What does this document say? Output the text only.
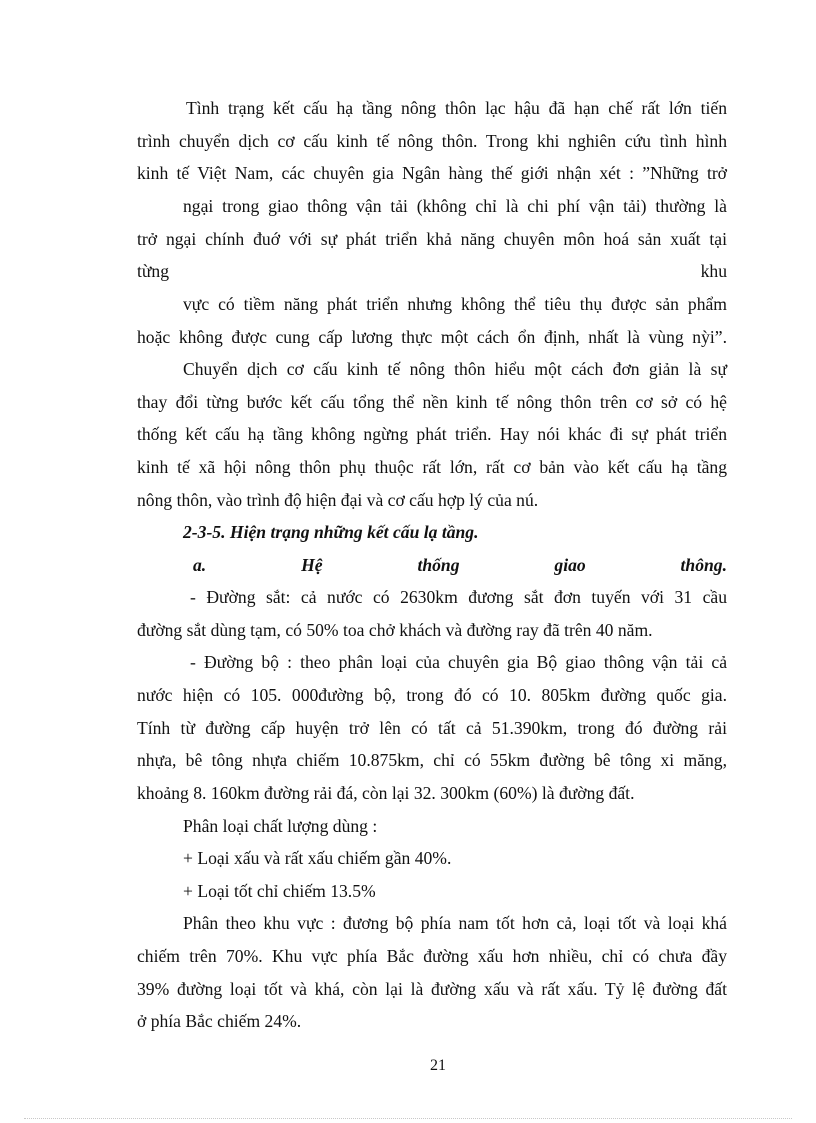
Tình trạng kết cấu hạ tầng nông thôn lạc hậu đã hạn chế rất lớn tiến
trình chuyển dịch cơ cấu kinh tế nông thôn. Trong khi nghiên cứu tình hình
kinh tế Việt Nam, các chuyên gia Ngân hàng thế giới nhận xét : ”Những trở
ngại trong giao thông vận tải (không chỉ là chi phí vận tải) thường là
trở ngại chính đuớ với sự phát triển khả năng chuyên môn hoá sản xuất tại
từng	khu
vực có tiềm năng phát triển nhưng không thể tiêu thụ được sản phẩm
hoặc không được cung cấp lương thực một cách ổn định, nhất là vùng nỳi”.
Chuyển dịch cơ cấu kinh tế nông thôn hiểu một cách đơn giản là sự
thay đổi từng bước kết cấu tổng thể nền kinh tế nông thôn trên cơ sở có hệ
thống kết cấu hạ tầng không ngừng phát triển. Hay nói khác đi sự phát triển
kinh tế xã hội nông thôn phụ thuộc rất lớn, rất cơ bản vào kết cấu hạ tầng
nông thôn, vào trình độ hiện đại và cơ cấu hợp lý của nú.
2-3-5. Hiện trạng những kết cấu lạ tầng.
a.	Hệ	thống	giao	thông.
- Đường sắt: cả nước có 2630km đương sắt đơn tuyến với 31 cầu
đường sắt dùng tạm, có 50% toa chở khách và đường ray đã trên 40 năm.
- Đường bộ : theo phân loại của chuyên gia Bộ giao thông vận tải cả
nước hiện có 105. 000đường bộ, trong đó có 10. 805km đường quốc gia.
Tính từ đường cấp huyện trở lên có tất cả 51.390km, trong đó đường rải
nhựa, bê tông nhựa chiếm 10.875km, chỉ có 55km đường bê tông xi măng,
khoảng 8. 160km đường rải đá, còn lại 32. 300km (60%) là đường đất.
Phân loại chất lượng dùng :
+ Loại xấu và rất xấu chiếm gần 40%.
+ Loại tốt chỉ chiếm 13.5%
Phân theo khu vực : đương bộ phía nam tốt hơn cả, loại tốt và loại khá
chiếm trên 70%. Khu vực phía Bắc đường xấu hơn nhiều, chỉ có chưa đầy
39% đường loại tốt và khá, còn lại là đường xấu và rất xấu. Tỷ lệ đường đất
ở phía Bắc chiếm 24%.
21
